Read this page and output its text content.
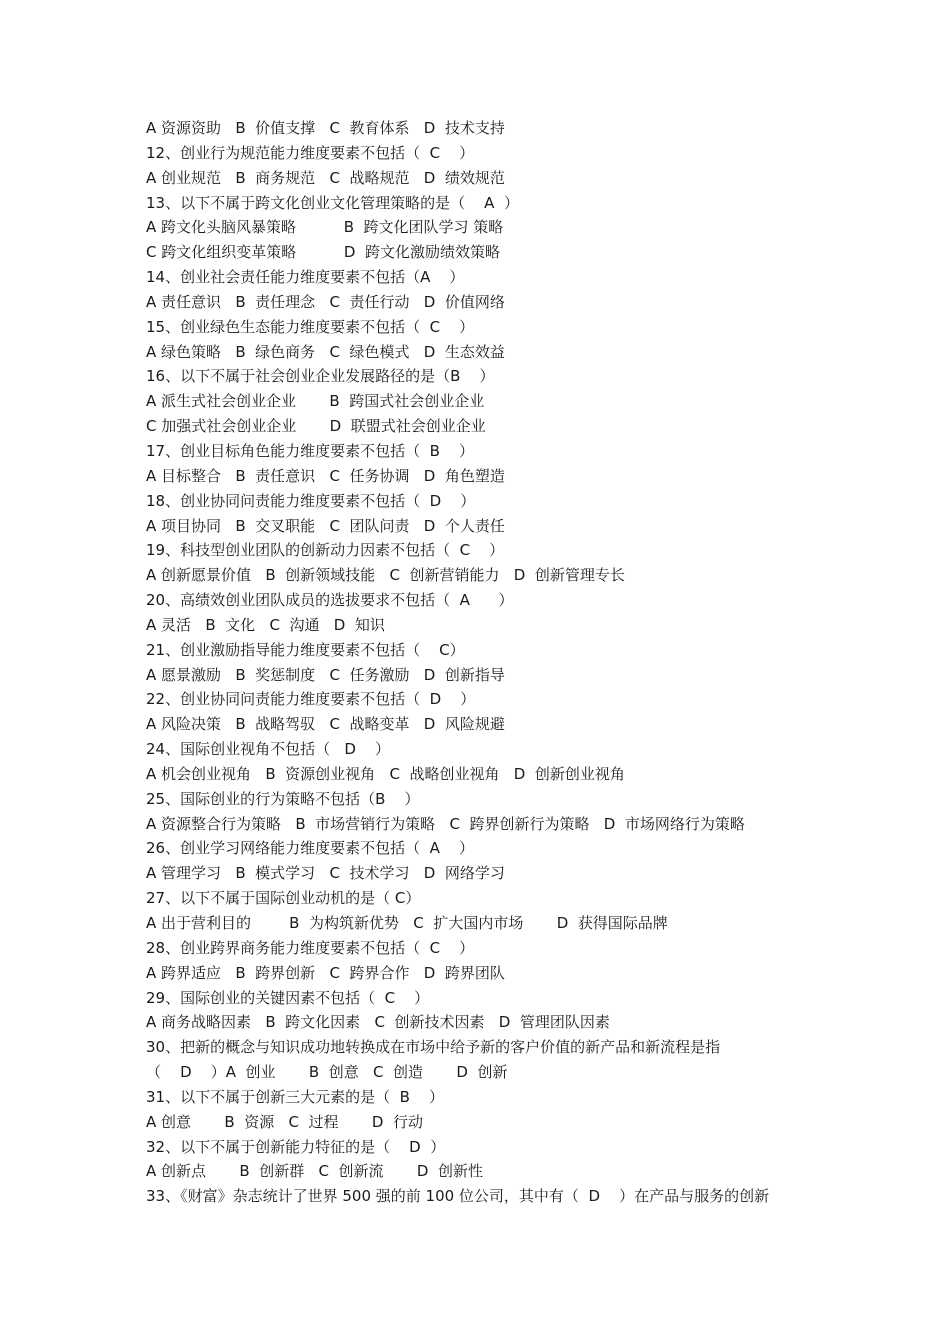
A 资源资助   B  价值支撑   C  教育体系   D  技术支持
12、创业行为规范能力维度要素不包括（  C    ）
A 创业规范   B  商务规范   C  战略规范   D  绩效规范
13、以下不属于跨文化创业文化管理策略的是（    A  ）
A 跨文化头脑风暴策略          B  跨文化团队学习 策略
C 跨文化组织变革策略          D  跨文化激励绩效策略
14、创业社会责任能力维度要素不包括（A    ）
A 责任意识   B  责任理念   C  责任行动   D  价值网络
15、创业绿色生态能力维度要素不包括（  C    ）
A 绿色策略   B  绿色商务   C  绿色模式   D  生态效益
16、以下不属于社会创业企业发展路径的是（B    ）
A 派生式社会创业企业       B  跨国式社会创业企业
C 加强式社会创业企业       D  联盟式社会创业企业
17、创业目标角色能力维度要素不包括（  B    ）
A 目标整合   B  责任意识   C  任务协调   D  角色塑造
18、创业协同问责能力维度要素不包括（  D    ）
A 项目协同   B  交叉职能   C  团队问责   D  个人责任
19、科技型创业团队的创新动力因素不包括（  C    ）
A 创新愿景价值   B  创新领域技能   C  创新营销能力   D  创新管理专长
20、高绩效创业团队成员的选拔要求不包括（  A      ）
A 灵活   B  文化   C  沟通   D  知识
21、创业激励指导能力维度要素不包括（    C）
A 愿景激励   B  奖惩制度   C  任务激励   D  创新指导
22、创业协同问责能力维度要素不包括（  D    ）
A 风险决策   B  战略驾驭   C  战略变革   D  风险规避
24、国际创业视角不包括（   D    ）
A 机会创业视角   B  资源创业视角   C  战略创业视角   D  创新创业视角
25、国际创业的行为策略不包括（B    ）
A 资源整合行为策略   B  市场营销行为策略   C  跨界创新行为策略   D  市场网络行为策略
26、创业学习网络能力维度要素不包括（  A    ）
A 管理学习   B  模式学习   C  技术学习   D  网络学习
27、以下不属于国际创业动机的是（ C）
A 出于营利目的        B  为构筑新优势   C  扩大国内市场       D  获得国际品牌
28、创业跨界商务能力维度要素不包括（  C    ）
A 跨界适应   B  跨界创新   C  跨界合作   D  跨界团队
29、国际创业的关键因素不包括（  C    ）
A 商务战略因素   B  跨文化因素   C  创新技术因素   D  管理团队因素
30、把新的概念与知识成功地转换成在市场中给予新的客户价值的新产品和新流程是指
（    D    ）A  创业       B  创意   C  创造       D  创新
31、以下不属于创新三大元素的是（  B    ）
A 创意       B  资源   C  过程       D  行动
32、以下不属于创新能力特征的是（    D  ）
A 创新点       B  创新群   C  创新流       D  创新性
33、《财富》杂志统计了世界 500 强的前 100 位公司，其中有（  D    ）在产品与服务的创新
